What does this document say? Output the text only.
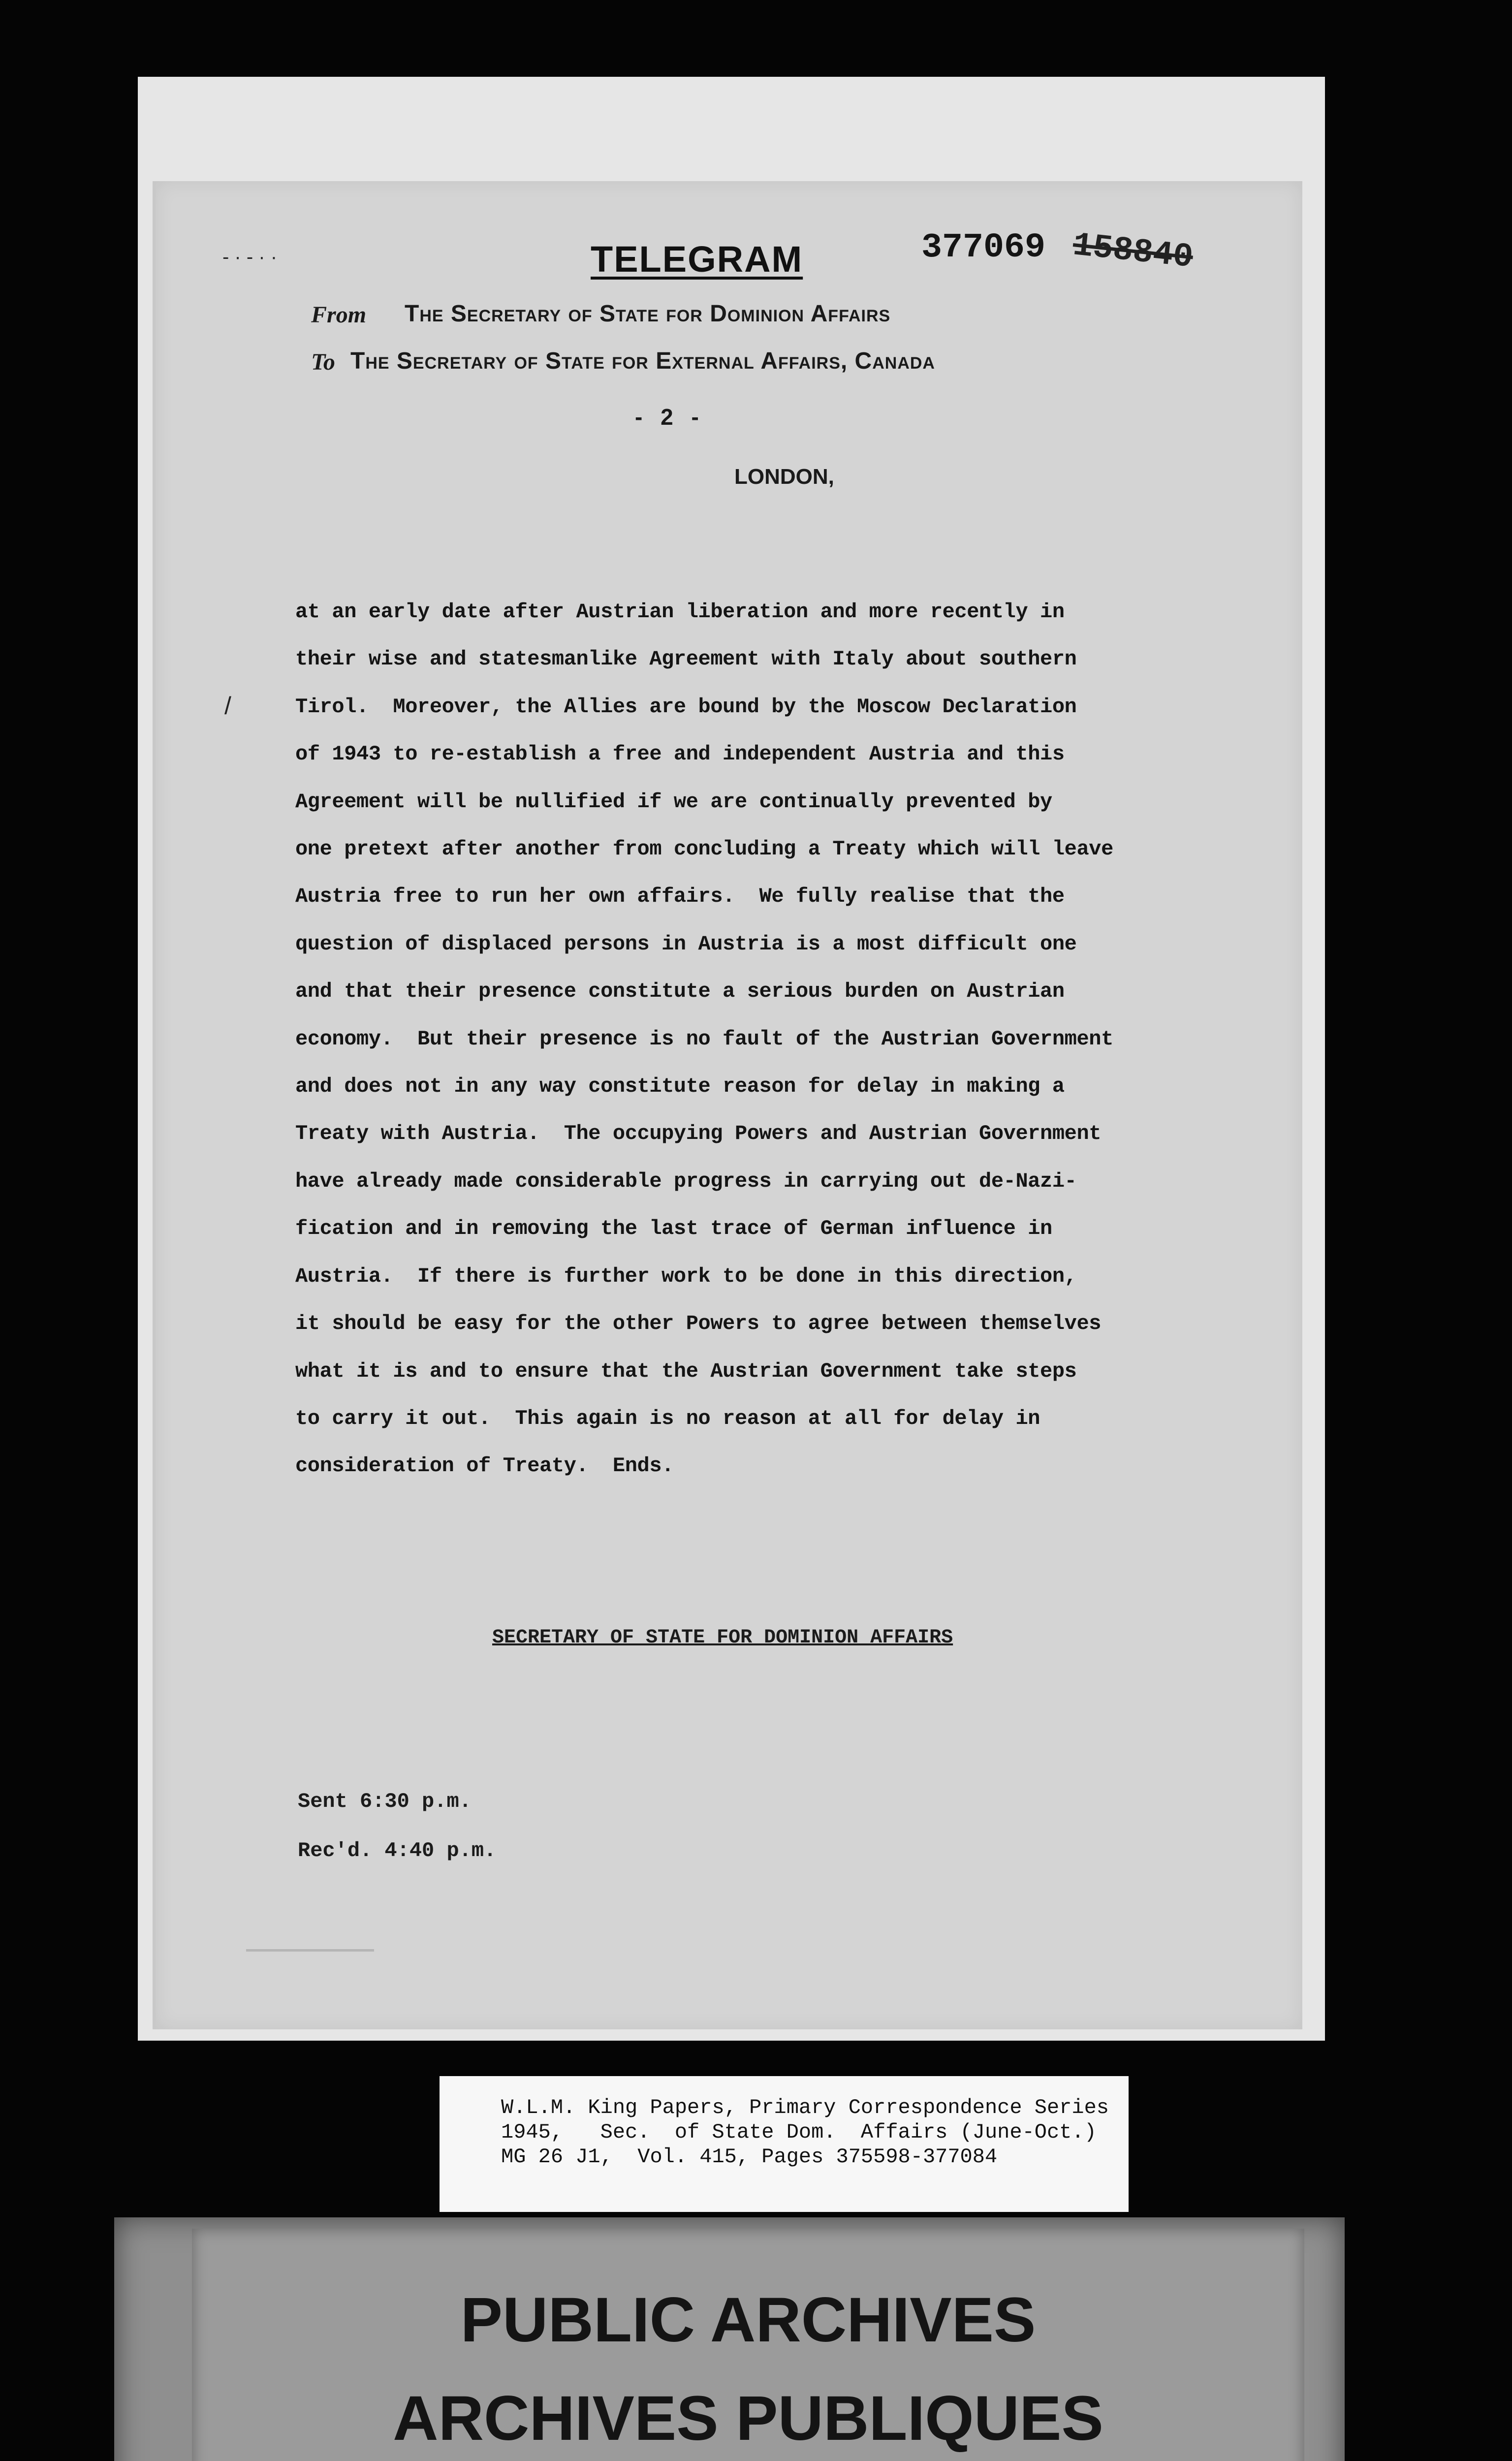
- · - · ·
/
TELEGRAM	377069 158840
From The Secretary of State for Dominion Affairs
To The Secretary of State for External Affairs, Canada
- 2 -
LONDON,
at an early date after Austrian liberation and more recently in
their wise and statesmanlike Agreement with Italy about southern
Tirol.  Moreover, the Allies are bound by the Moscow Declaration
of 1943 to re-establish a free and independent Austria and this
Agreement will be nullified if we are continually prevented by
one pretext after another from concluding a Treaty which will leave
Austria free to run her own affairs.  We fully realise that the
question of displaced persons in Austria is a most difficult one
and that their presence constitute a serious burden on Austrian
economy.  But their presence is no fault of the Austrian Government
and does not in any way constitute reason for delay in making a
Treaty with Austria.  The occupying Powers and Austrian Government
have already made considerable progress in carrying out de-Nazi-
fication and in removing the last trace of German influence in
Austria.  If there is further work to be done in this direction,
it should be easy for the other Powers to agree between themselves
what it is and to ensure that the Austrian Government take steps
to carry it out.  This again is no reason at all for delay in
consideration of Treaty.  Ends.
SECRETARY OF STATE FOR DOMINION AFFAIRS
Sent 6:30 p.m.
Rec'd. 4:40 p.m.
W.L.M. King Papers, Primary Correspondence Series
1945,   Sec.  of State Dom.  Affairs (June-Oct.)
MG 26 J1,  Vol. 415, Pages 375598-377084
PUBLIC ARCHIVES
ARCHIVES PUBLIQUES
